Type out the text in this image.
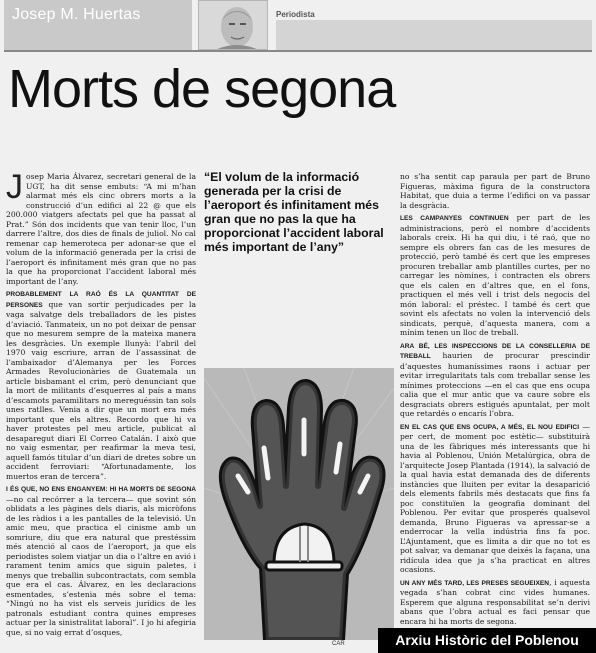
Josep M. Huertas	Periodista
Morts de segona

Josep Maria Álvarez, secretari general de la UGT, ha dit sense embuts: “A mi m’han alarmat més els cinc obrers morts a la construcció d’un edifici al 22 @ que els 200.000 viatgers afectats pel que ha passat al Prat.” Són dos incidents que van tenir lloc, l’un darrere l’altre, dos dies de finals de juliol. No cal remenar cap hemeroteca per adonar-se que el volum de la informació generada per la crisi de l’aeroport és infinitament més gran que no pas la que ha proporcionat l’accident laboral més important de l’any.

PROBABLEMENT LA RAÓ ÉS LA QUANTITAT DE PERSONES que van sortir perjudicades per la vaga salvatge dels treballadors de les pistes d’aviació. Tanmateix, un no pot deixar de pensar que no mesurem sempre de la mateixa manera les desgràcies. Un exemple llunyà: l’abril del 1970 vaig escriure, arran de l’assassinat de l’ambaixador d’Alemanya per les Forces Armades Revolucionàries de Guatemala un article bisbamant el crim, però denunciant que la mort de militants d’esquerres al país a mans d’escamots paramilitars no mereguéssin tan sols unes ratlles. Venia a dir que un mort era més important que els altres. Recordo que hi va haver protestes pel meu article, publicat al desaparegut diari El Correo Catalán. I això que no vaig esmentar, per reafirmar la meva tesi, aquell famós titular d’un diari de dretes sobre un accident ferroviari: “Afortunadamente, los muertos eran de tercera”.

I ÉS QUE, NO ENS ENGANYEM: HI HA MORTS DE SEGONA —no cal recórrer a la tercera— que sovint són oblidats a les pàgines dels diaris, als micròfons de les ràdios i a les pantalles de la televisió. Un amic meu, que practica el cinisme amb un somriure, diu que era natural que prestéssim més atenció al caos de l’aeroport, ja que els periodistes solem viatjar un dia o l’altre en avió i rarament tenim amics que siguin paletes, i menys que treballin subcontractats, com sembla que era el cas. Álvarez, en les declaracions esmentades, s’estenia més sobre el tema: “Ningú no ha vist els serveis jurídics de les patronals estudiant contra quines empreses actuar per la sinistralitat laboral”. I jo hi afegiria que, si no vaig errat d’osques,

“El volum de la informació generada per la crisi de l’aeroport és infinitament més gran que no pas la que ha proporcionat l’accident laboral més important de l’any”
CAR

no s’ha sentit cap paraula per part de Bruno Figueras, màxima figura de la constructora Habitat, que duia a terme l’edifici on va passar la desgràcia.

LES CAMPANYES CONTINUEN per part de les administracions, però el nombre d’accidents laborals creix. Hi ha qui diu, i té raó, que no sempre els obrers fan cas de les mesures de protecció, però també és cert que les empreses procuren treballar amb plantilles curtes, per no carregar les nòmines, i contracten els obrers que els calen en d’altres que, en el fons, practiquen el més vell i trist dels negocis del món laboral: el préstec. I també és cert que sovint els afectats no volen la intervenció dels sindicats, perquè, d’aquesta manera, com a mínim tenen un lloc de treball.

ARA BÉ, LES INSPECCIONS DE LA CONSELLERIA DE TREBALL haurien de procurar prescindir d’aquestes humaníssimes raons i actuar per evitar irregularitats tals com treballar sense les mínimes proteccions —en el cas que ens ocupa calia que el mur antic que va caure sobre els desgraciats obrers estigués apuntalat, per molt que retardés o encarís l’obra.

EN EL CAS QUE ENS OCUPA, A MÉS, EL NOU EDIFICI —per cert, de moment poc estètic— substituirà una de les fàbriques més interessants que hi havia al Poblenou, Unión Metalúrgica, obra de l’arquitecte Josep Plantada (1914), la salvació de la qual havia estat demanada des de diferents instàncies que lluiten per evitar la desaparició dels elements fabrils més destacats que fins fa poc constituïen la geografia dominant del Poblenou. Per evitar que prosperés qualsevol demanda, Bruno Figueras va apressar-se a enderrocar la vella indústria fins fa poc. L’Ajuntament, que es limita a dir que no tot es pot salvar, va demanar que deixés la façana, una ridícula idea que ja s’ha practicat en altres ocasions.

UN ANY MÉS TARD, LES PRESES SEGUEIXEN, i aquesta vegada s’han cobrat cinc vides humanes. Esperem que alguna responsabilitat se’n derivi abans que l’obra actual es faci pensar que encara hi ha morts de segona.

Arxiu Històric del Poblenou
